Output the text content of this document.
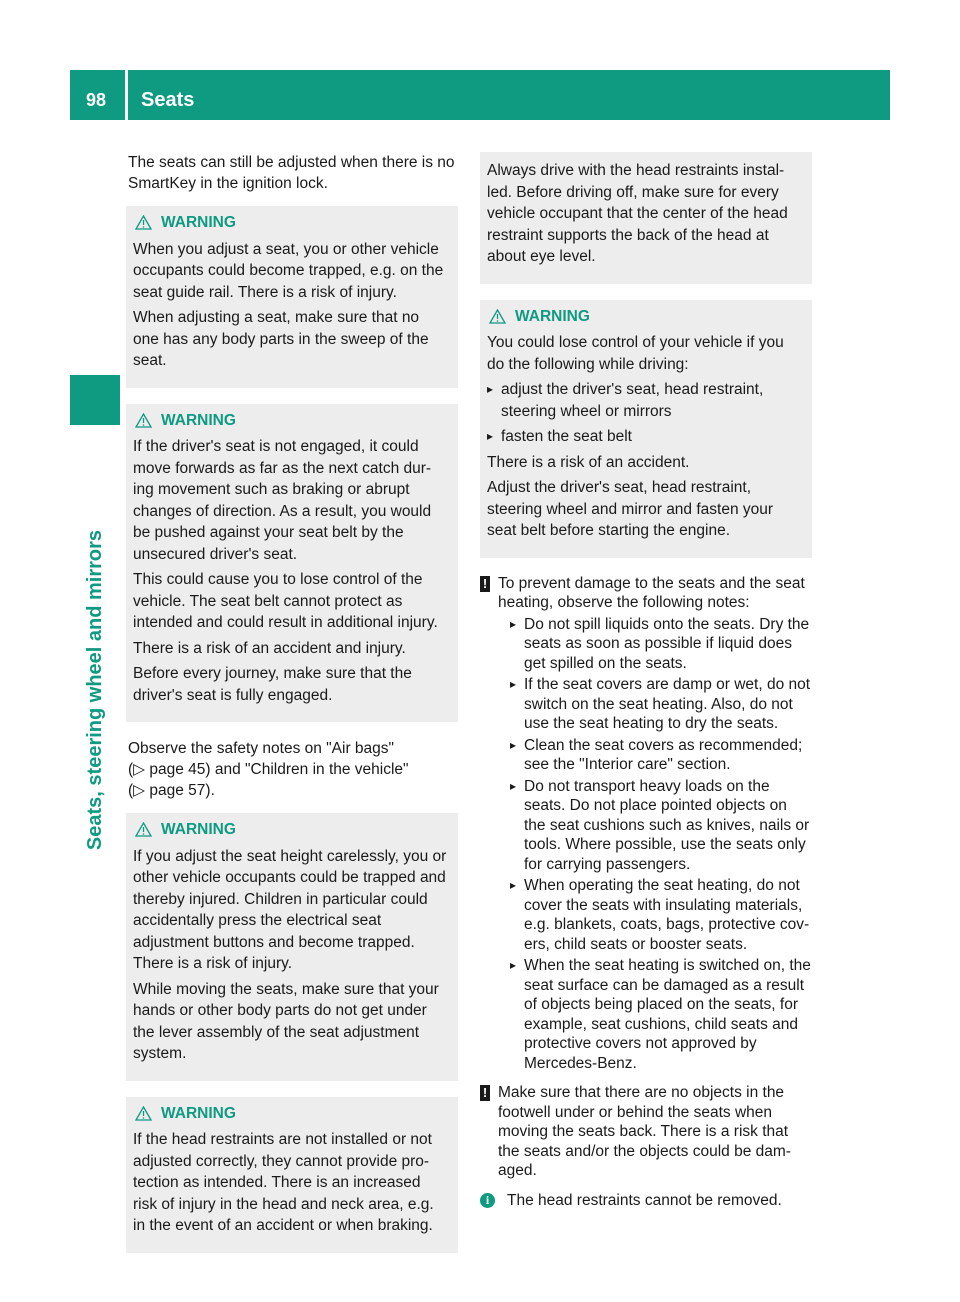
98 Seats
Seats, steering wheel and mirrors

The seats can still be adjusted when there is no SmartKey in the ignition lock.

WARNING

When you adjust a seat, you or other vehicle occupants could become trapped, e.g. on the seat guide rail. There is a risk of injury.

When adjusting a seat, make sure that no one has any body parts in the sweep of the seat.

WARNING

If the driver's seat is not engaged, it could move forwards as far as the next catch dur-ing movement such as braking or abrupt changes of direction. As a result, you would be pushed against your seat belt by the unsecured driver's seat.

This could cause you to lose control of the vehicle. The seat belt cannot protect as intended and could result in additional injury.

There is a risk of an accident and injury.

Before every journey, make sure that the driver's seat is fully engaged.

Observe the safety notes on "Air bags"
(▷ page 45) and "Children in the vehicle"
(▷ page 57).
WARNING

If you adjust the seat height carelessly, you or other vehicle occupants could be trapped and thereby injured. Children in particular could accidentally press the electrical seat adjustment buttons and become trapped. There is a risk of injury.

While moving the seats, make sure that your hands or other body parts do not get under the lever assembly of the seat adjustment system.

WARNING

If the head restraints are not installed or not adjusted correctly, they cannot provide pro-tection as intended. There is an increased risk of injury in the head and neck area, e.g. in the event of an accident or when braking.

Always drive with the head restraints instal-led. Before driving off, make sure for every vehicle occupant that the center of the head restraint supports the back of the head at about eye level.

WARNING

You could lose control of your vehicle if you do the following while driving:

▸ adjust the driver's seat, head restraint, steering wheel or mirrors
▸ fasten the seat belt

There is a risk of an accident.

Adjust the driver's seat, head restraint, steering wheel and mirror and fasten your seat belt before starting the engine.

! To prevent damage to the seats and the seat heating, observe the following notes:

▸ Do not spill liquids onto the seats. Dry the seats as soon as possible if liquid does get spilled on the seats.
▸ If the seat covers are damp or wet, do not switch on the seat heating. Also, do not use the seat heating to dry the seats.
▸ Clean the seat covers as recommended; see the "Interior care" section.
▸ Do not transport heavy loads on the seats. Do not place pointed objects on the seat cushions such as knives, nails or tools. Where possible, use the seats only for carrying passengers.
▸ When operating the seat heating, do not cover the seats with insulating materials, e.g. blankets, coats, bags, protective cov-ers, child seats or booster seats.
▸ When the seat heating is switched on, the seat surface can be damaged as a result of objects being placed on the seats, for example, seat cushions, child seats and protective covers not approved by Mercedes-Benz.
! Make sure that there are no objects in the footwell under or behind the seats when moving the seats back. There is a risk that the seats and/or the objects could be dam-aged.

i	The head restraints cannot be removed.
